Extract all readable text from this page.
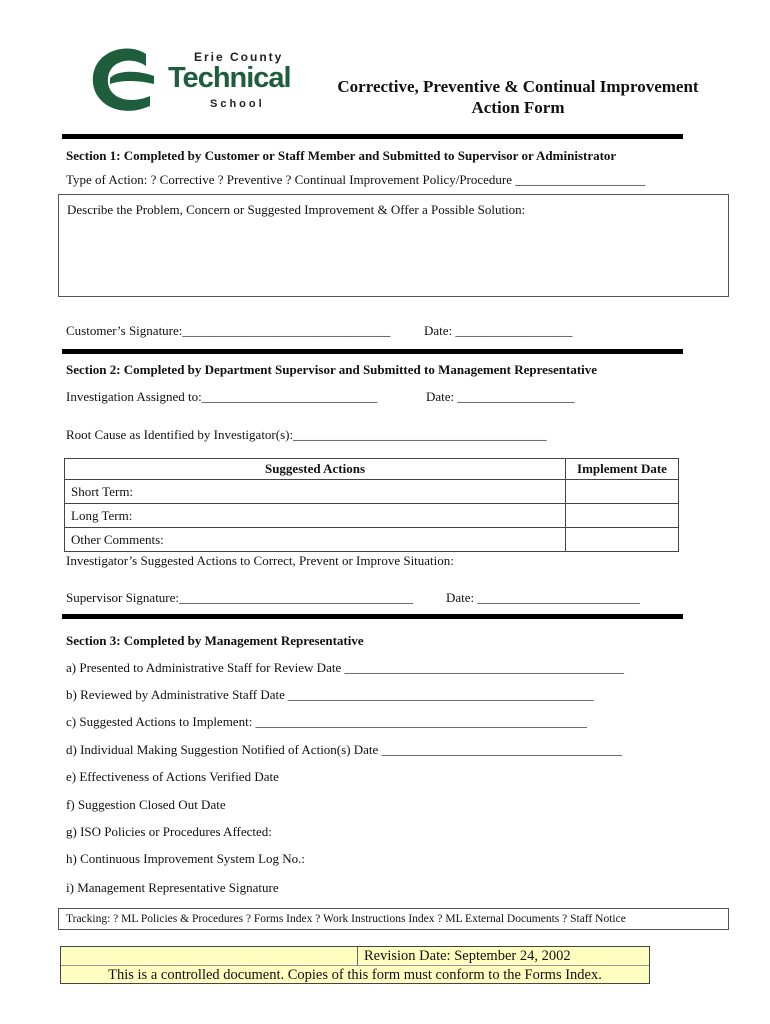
Erie County
Technical
School
Corrective, Preventive & Continual Improvement
Action Form
Section 1: Completed by Customer or Staff Member and Submitted to Supervisor or Administrator
Type of Action: ? Corrective ? Preventive ? Continual Improvement Policy/Procedure ____________________
Describe the Problem, Concern or Suggested Improvement & Offer a Possible Solution:
Customer’s Signature:________________________________	Date: __________________
Section 2: Completed by Department Supervisor and Submitted to Management Representative
Investigation Assigned to:___________________________	Date: __________________
Root Cause as Identified by Investigator(s):_______________________________________
Suggested Actions	Implement Date
Short Term:	
Long Term:	
Other Comments:	
Investigator’s Suggested Actions to Correct, Prevent or Improve Situation:
Supervisor Signature:____________________________________	Date: _________________________
Section 3: Completed by Management Representative
a) Presented to Administrative Staff for Review Date ___________________________________________
b) Reviewed by Administrative Staff Date _______________________________________________
c) Suggested Actions to Implement: ___________________________________________________
d) Individual Making Suggestion Notified of Action(s) Date _____________________________________
e) Effectiveness of Actions Verified Date
f) Suggestion Closed Out Date
g) ISO Policies or Procedures Affected:
h) Continuous Improvement System Log No.:
i) Management Representative Signature
Tracking: ? ML Policies & Procedures ? Forms Index ? Work Instructions Index ? ML External Documents ? Staff Notice
Revision Date: September 24, 2002
This is a controlled document. Copies of this form must conform to the Forms Index.
